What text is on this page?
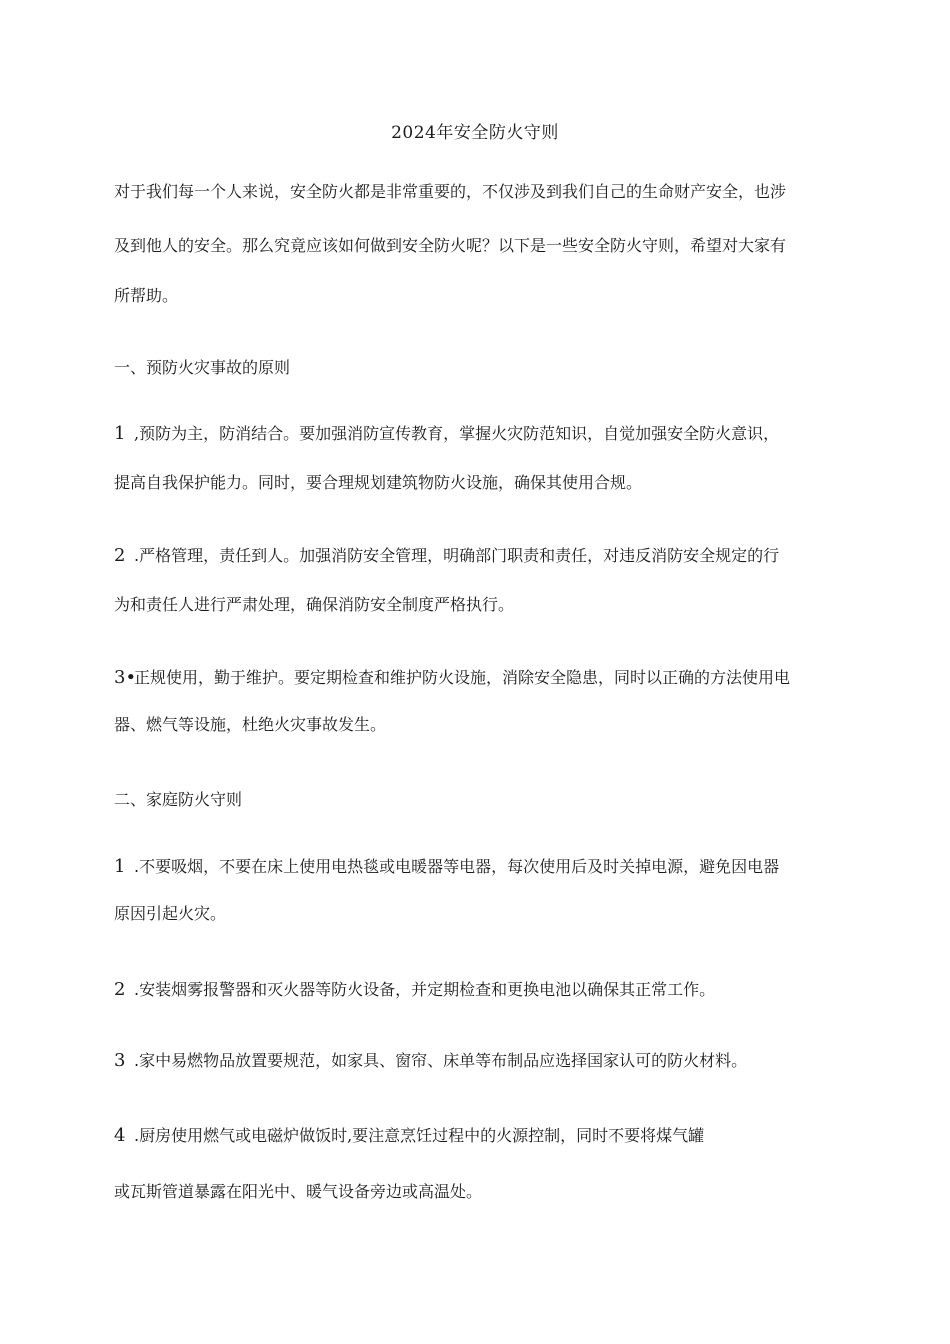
2024年安全防火守则
对于我们每一个人来说，安全防火都是非常重要的，不仅涉及到我们自己的生命财产安全，也涉
及到他人的安全。那么究竟应该如何做到安全防火呢？以下是一些安全防火守则，希望对大家有
所帮助。
一、预防火灾事故的原则
1 ,预防为主，防消结合。要加强消防宣传教育，掌握火灾防范知识，自觉加强安全防火意识，
提高自我保护能力。同时，要合理规划建筑物防火设施，确保其使用合规。
2 .严格管理，责任到人。加强消防安全管理，明确部门职责和责任，对违反消防安全规定的行
为和责任人进行严肃处理，确保消防安全制度严格执行。
3•正规使用，勤于维护。要定期检查和维护防火设施，消除安全隐患，同时以正确的方法使用电
器、燃气等设施，杜绝火灾事故发生。
二、家庭防火守则
1 .不要吸烟，不要在床上使用电热毯或电暖器等电器，每次使用后及时关掉电源，避免因电器
原因引起火灾。
2 .安装烟雾报警器和灭火器等防火设备，并定期检查和更换电池以确保其正常工作。
3 .家中易燃物品放置要规范，如家具、窗帘、床单等布制品应选择国家认可的防火材料。
4 .厨房使用燃气或电磁炉做饭时,要注意烹饪过程中的火源控制，同时不要将煤气罐
或瓦斯管道暴露在阳光中、暖气设备旁边或高温处。
